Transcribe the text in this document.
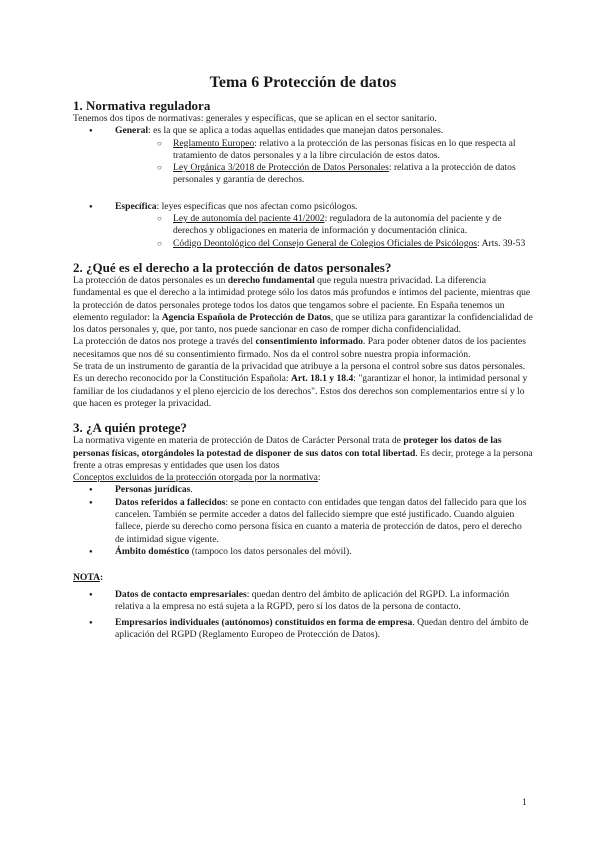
Tema 6 Protección de datos
1. Normativa reguladora

Tenemos dos tipos de normativas: generales y específicas, que se aplican en el sector sanitario.

● General: es la que se aplica a todas aquellas entidades que manejan datos personales.
○ Reglamento Europeo: relativo a la protección de las personas físicas en lo que respecta al tratamiento de datos personales y a la libre circulación de estos datos.
○ Ley Orgánica 3/2018 de Protección de Datos Personales: relativa a la protección de datos personales y garantía de derechos.
● Específica: leyes específicas que nos afectan como psicólogos.
○ Ley de autonomía del paciente 41/2002: reguladora de la autonomía del paciente y de derechos y obligaciones en materia de información y documentación clínica.
○ Código Deontológico del Consejo General de Colegios Oficiales de Psicólogos: Arts. 39-53
2. ¿Qué es el derecho a la protección de datos personales?

La protección de datos personales es un derecho fundamental que regula nuestra privacidad. La diferencia fundamental es que el derecho a la intimidad protege sólo los datos más profundos e íntimos del paciente, mientras que la protección de datos personales protege todos los datos que tengamos sobre el paciente. En España tenemos un elemento regulador: la Agencia Española de Protección de Datos, que se utiliza para garantizar la confidencialidad de los datos personales y, que, por tanto, nos puede sancionar en caso de romper dicha confidencialidad.

La protección de datos nos protege a través del consentimiento informado. Para poder obtener datos de los pacientes necesitamos que nos dé su consentimiento firmado. Nos da el control sobre nuestra propia información.

Se trata de un instrumento de garantía de la privacidad que atribuye a la persona el control sobre sus datos personales. Es un derecho reconocido por la Constitución Española: Art. 18.1 y 18.4: "garantizar el honor, la intimidad personal y familiar de los ciudadanos y el pleno ejercicio de los derechos". Estos dos derechos son complementarios entre sí y lo que hacen es proteger la privacidad.

3. ¿A quién protege?

La normativa vigente en materia de protección de Datos de Carácter Personal trata de proteger los datos de las personas físicas, otorgándoles la potestad de disponer de sus datos con total libertad. Es decir, protege a la persona frente a otras empresas y entidades que usen los datos

Conceptos excluidos de la protección otorgada por la normativa:

● Personas jurídicas.
● Datos referidos a fallecidos: se pone en contacto con entidades que tengan datos del fallecido para que los cancelen. También se permite acceder a datos del fallecido siempre que esté justificado. Cuando alguien fallece, pierde su derecho como persona física en cuanto a materia de protección de datos, pero el derecho de intimidad sigue vigente.
● Ámbito doméstico (tampoco los datos personales del móvil).

NOTA:

● Datos de contacto empresariales: quedan dentro del ámbito de aplicación del RGPD. La información relativa a la empresa no está sujeta a la RGPD, pero sí los datos de la persona de contacto.
● Empresarios individuales (autónomos) constituidos en forma de empresa. Quedan dentro del ámbito de aplicación del RGPD (Reglamento Europeo de Protección de Datos).
1
